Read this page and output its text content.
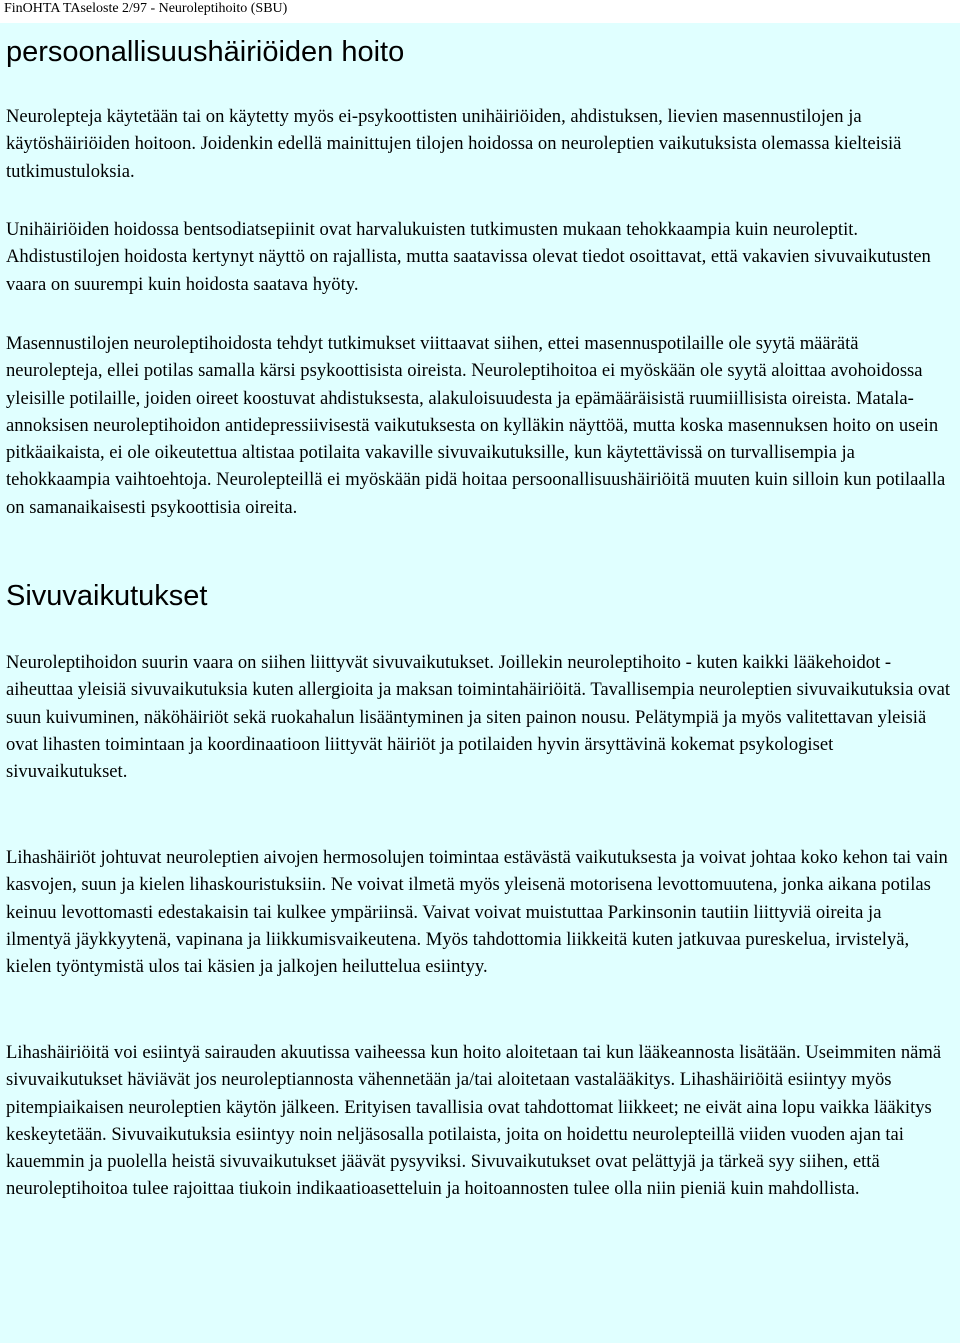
FinOHTA TAseloste 2/97 - Neuroleptihoito (SBU)
persoonallisuushäiriöiden hoito

Neurolepteja käytetään tai on käytetty myös ei-psykoottisten unihäiriöiden, ahdistuksen, lievien masennustilojen ja käytöshäiriöiden hoitoon. Joidenkin edellä mainittujen tilojen hoidossa on neuroleptien vaikutuksista olemassa kielteisiä tutkimustuloksia.

Unihäiriöiden hoidossa bentsodiatsepiinit ovat harvalukuisten tutkimusten mukaan tehokkaampia kuin neuroleptit. Ahdistustilojen hoidosta kertynyt näyttö on rajallista, mutta saatavissa olevat tiedot osoittavat, että vakavien sivuvaikutusten vaara on suurempi kuin hoidosta saatava hyöty.

Masennustilojen neuroleptihoidosta tehdyt tutkimukset viittaavat siihen, ettei masennuspotilaille ole syytä määrätä neurolepteja, ellei potilas samalla kärsi psykoottisista oireista. Neuroleptihoitoa ei myöskään ole syytä aloittaa avohoidossa yleisille potilaille, joiden oireet koostuvat ahdistuksesta, alakuloisuudesta ja epämääräisistä ruumiillisista oireista. Matala-annoksisen neuroleptihoidon antidepressiivisestä vaikutuksesta on kylläkin näyttöä, mutta koska masennuksen hoito on usein pitkäaikaista, ei ole oikeutettua altistaa potilaita vakaville sivuvaikutuksille, kun käytettävissä on turvallisempia ja tehokkaampia vaihtoehtoja. Neurolepteillä ei myöskään pidä hoitaa persoonallisuushäiriöitä muuten kuin silloin kun potilaalla on samanaikaisesti psykoottisia oireita.

Sivuvaikutukset

Neuroleptihoidon suurin vaara on siihen liittyvät sivuvaikutukset. Joillekin neuroleptihoito - kuten kaikki lääkehoidot - aiheuttaa yleisiä sivuvaikutuksia kuten allergioita ja maksan toimintahäiriöitä. Tavallisempia neuroleptien sivuvaikutuksia ovat suun kuivuminen, näköhäiriöt sekä ruokahalun lisääntyminen ja siten painon nousu. Pelätympiä ja myös valitettavan yleisiä ovat lihasten toimintaan ja koordinaatioon liittyvät häiriöt ja potilaiden hyvin ärsyttävinä kokemat psykologiset sivuvaikutukset.

Lihashäiriöt johtuvat neuroleptien aivojen hermosolujen toimintaa estävästä vaikutuksesta ja voivat johtaa koko kehon tai vain kasvojen, suun ja kielen lihaskouristuksiin. Ne voivat ilmetä myös yleisenä motorisena levottomuutena, jonka aikana potilas keinuu levottomasti edestakaisin tai kulkee ympäriinsä. Vaivat voivat muistuttaa Parkinsonin tautiin liittyviä oireita ja ilmentyä jäykkyytenä, vapinana ja liikkumisvaikeutena. Myös tahdottomia liikkeitä kuten jatkuvaa pureskelua, irvistelyä, kielen työntymistä ulos tai käsien ja jalkojen heiluttelua esiintyy.

Lihashäiriöitä voi esiintyä sairauden akuutissa vaiheessa kun hoito aloitetaan tai kun lääkeannosta lisätään. Useimmiten nämä sivuvaikutukset häviävät jos neuroleptiannosta vähennetään ja/tai aloitetaan vastalääkitys. Lihashäiriöitä esiintyy myös pitempiaikaisen neuroleptien käytön jälkeen. Erityisen tavallisia ovat tahdottomat liikkeet; ne eivät aina lopu vaikka lääkitys keskeytetään. Sivuvaikutuksia esiintyy noin neljäsosalla potilaista, joita on hoidettu neurolepteillä viiden vuoden ajan tai kauemmin ja puolella heistä sivuvaikutukset jäävät pysyviksi. Sivuvaikutukset ovat pelättyjä ja tärkeä syy siihen, että neuroleptihoitoa tulee rajoittaa tiukoin indikaatioasetteluin ja hoitoannosten tulee olla niin pieniä kuin mahdollista.
